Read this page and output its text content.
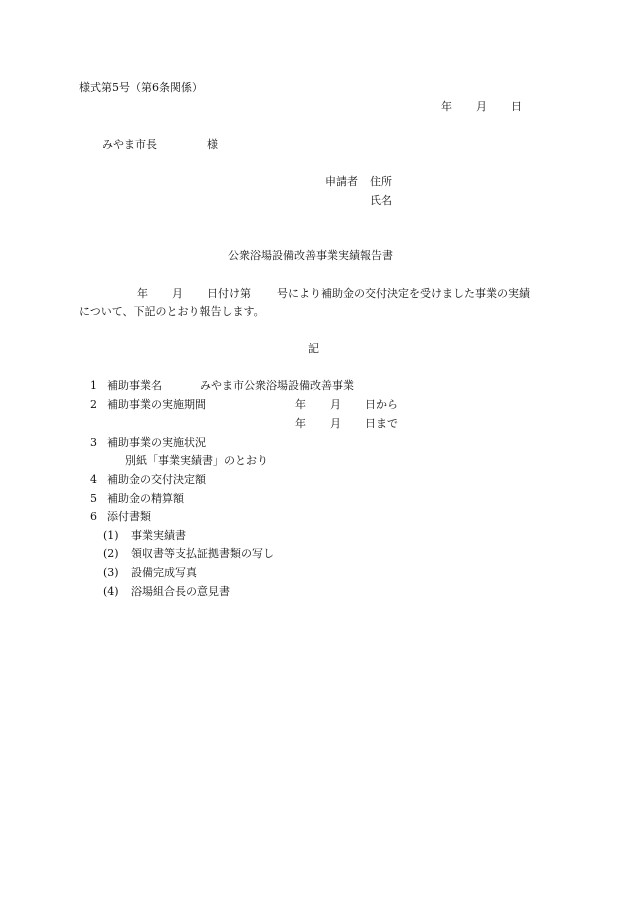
様式第5号（第6条関係）
年 月 日
みやま市長	様
申請者 住所
氏名
公衆浴場設備改善事業実績報告書
年 月 日付け第 号により補助金の交付決定を受けました事業の実績
について、下記のとおり報告します。
記
1 補助事業名	みやま市公衆浴場設備改善事業
2 補助事業の実施期間	年 月 日から
年 月 日まで
3 補助事業の実施状況
別紙「事業実績書」のとおり
4 補助金の交付決定額
5 補助金の精算額
6 添付書類
(1) 事業実績書
(2) 領収書等支払証拠書類の写し
(3) 設備完成写真
(4) 浴場組合長の意見書
